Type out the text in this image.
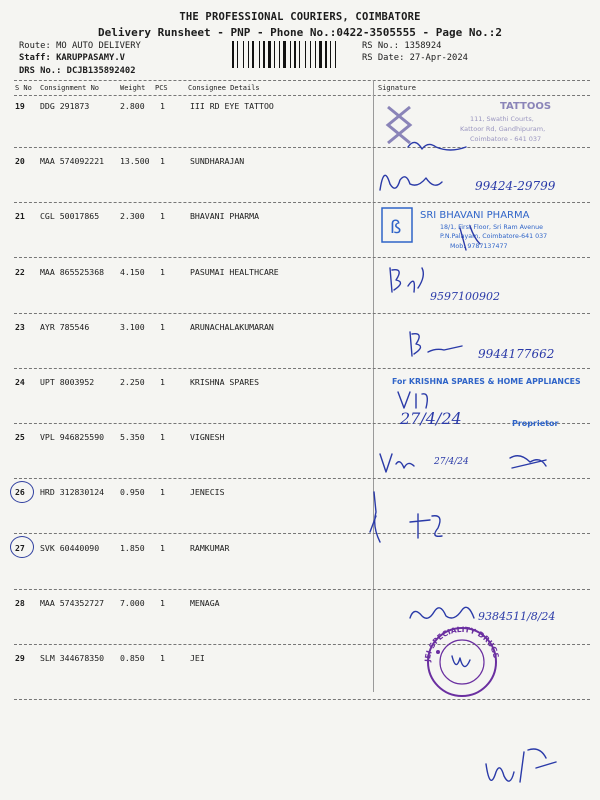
THE PROFESSIONAL COURIERS, COIMBATORE
Delivery Runsheet - PNP - Phone No.:0422-3505555 - Page No.:2
Route: MO AUTO DELIVERY
Staff: KARUPPASAMY.V
DRS No.: DCJB135892402
RS No.: 1358924
RS Date: 27-Apr-2024
S No Consignment No	Weight PCS	Consignee Details	Signature
19 DDG 291873	2.800 1	III RD EYE TATTOO
20 MAA 574092221 13.500 1	SUNDHARAJAN
21 CGL 50017865	2.300 1	BHAVANI PHARMA
22 MAA 865525368 4.150 1	PASUMAI HEALTHCARE
23 AYR 785546	3.100 1	ARUNACHALAKUMARAN
24 UPT 8003952	2.250 1	KRISHNA SPARES
25 VPL 946825590 5.350 1	VIGNESH
26 HRD 312830124 0.950 1	JENECIS
27 SVK 60440090	1.850 1	RAMKUMAR
28 MAA 574352727 7.000 1	MENAGA
29 SLM 344678350 0.850 1	JEI
TATTOOS
111, Swathi Courts,
Kattoor Rd, Gandhipuram,
Coimbatore - 641 037
99424-29799
ß
SRI BHAVANI PHARMA
18/1, First Floor, Sri Ram Avenue
P.N.Palayam, Coimbatore-641 037
Mob: 9787137477
9597100902
9944177662
For KRISHNA SPARES & HOME APPLIANCES
27/4/24	Proprietor
27/4/24
9384511/8/24
JEI SPECIALITY DRUGS
